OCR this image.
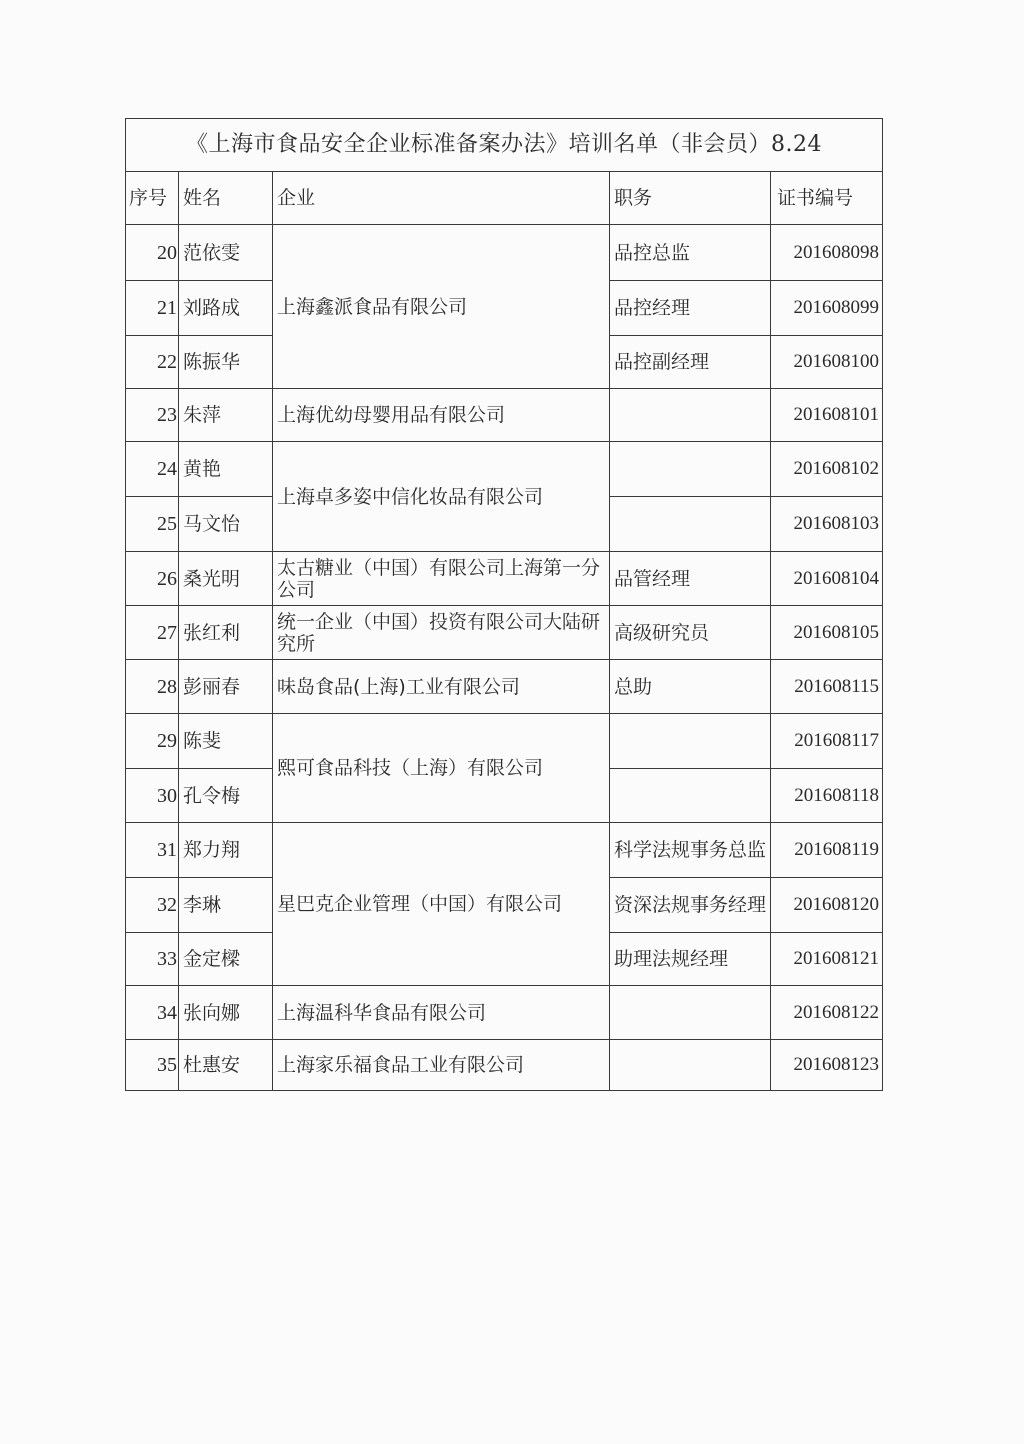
《上海市食品安全企业标准备案办法》培训名单（非会员）8.24				
序号	姓名	企业	职务	证书编号
20	范依雯	上海鑫派食品有限公司	品控总监	201608098
21	刘路成		品控经理	201608099
22	陈振华		品控副经理	201608100
23	朱萍	上海优幼母婴用品有限公司		201608101
24	黄艳	上海卓多姿中信化妆品有限公司		201608102
25	马文怡			201608103
26	桑光明	太古糖业（中国）有限公司上海第一分公司	品管经理	201608104
27	张红利	统一企业（中国）投资有限公司大陆研究所	高级研究员	201608105
28	彭丽春	味岛食品(上海)工业有限公司	总助	201608115
29	陈斐	熙可食品科技（上海）有限公司		201608117
30	孔令梅			201608118
31	郑力翔	星巴克企业管理（中国）有限公司	科学法规事务总监	201608119
32	李琳		资深法规事务经理	201608120
33	金定樑		助理法规经理	201608121
34	张向娜	上海温科华食品有限公司		201608122
35	杜惠安	上海家乐福食品工业有限公司		201608123
